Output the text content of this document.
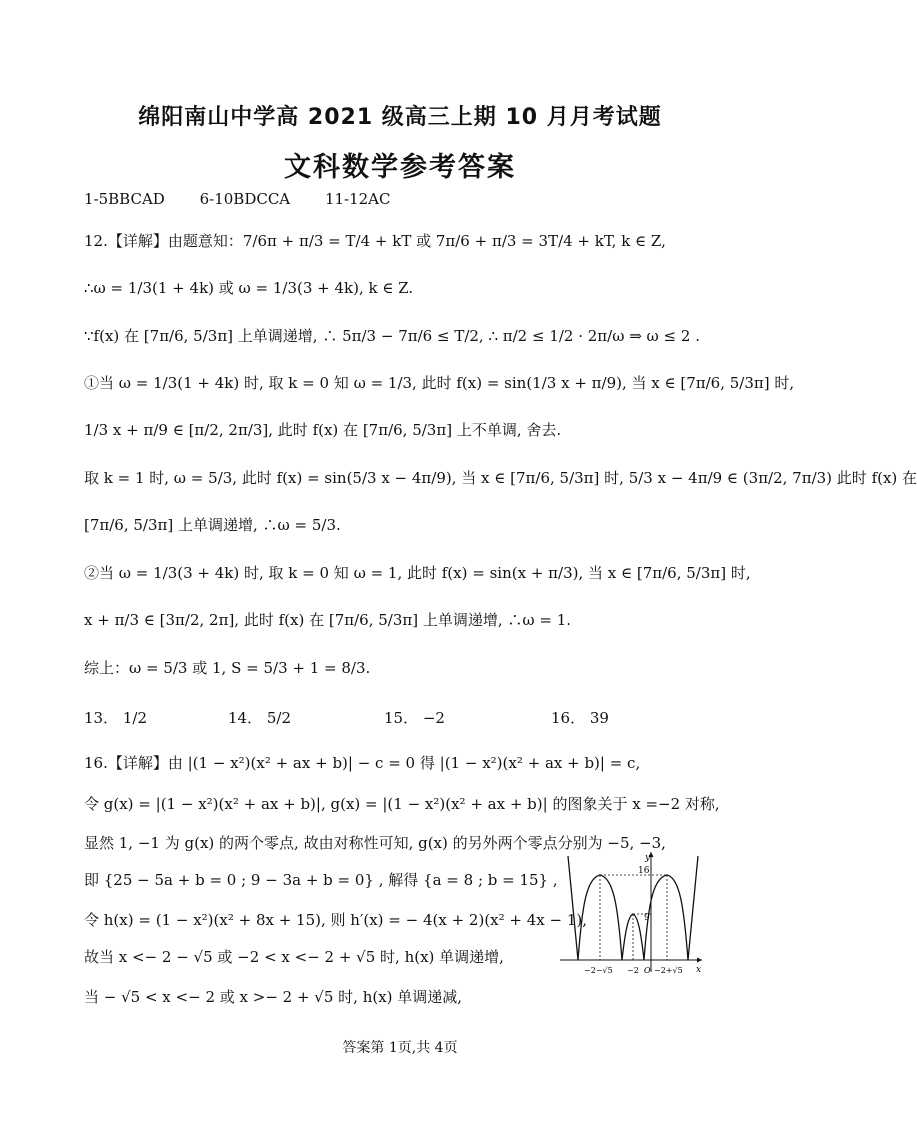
绵阳南山中学高 2021 级高三上期 10 月月考试题
文科数学参考答案
1-5BBCAD 6-10BDCCA 11-12AC
12.【详解】由题意知：7/6π + π/3 = T/4 + kT 或 7π/6 + π/3 = 3T/4 + kT, k ∈ Z,
∴ω = 1/3(1 + 4k) 或 ω = 1/3(3 + 4k), k ∈ Z.
∵f(x) 在 [7π/6, 5/3π] 上单调递增, ∴ 5π/3 − 7π/6 ≤ T/2, ∴ π/2 ≤ 1/2 · 2π/ω ⇒ ω ≤ 2 .
①当 ω = 1/3(1 + 4k) 时, 取 k = 0 知 ω = 1/3, 此时 f(x) = sin(1/3 x + π/9), 当 x ∈ [7π/6, 5/3π] 时,
1/3 x + π/9 ∈ [π/2, 2π/3], 此时 f(x) 在 [7π/6, 5/3π] 上不单调, 舍去.
取 k = 1 时, ω = 5/3, 此时 f(x) = sin(5/3 x − 4π/9), 当 x ∈ [7π/6, 5/3π] 时, 5/3 x − 4π/9 ∈ (3π/2, 7π/3) 此时 f(x) 在
[7π/6, 5/3π] 上单调递增, ∴ω = 5/3.
②当 ω = 1/3(3 + 4k) 时, 取 k = 0 知 ω = 1, 此时 f(x) = sin(x + π/3), 当 x ∈ [7π/6, 5/3π] 时,
x + π/3 ∈ [3π/2, 2π], 此时 f(x) 在 [7π/6, 5/3π] 上单调递增, ∴ω = 1.
综上：ω = 5/3 或 1, S = 5/3 + 1 = 8/3.
13． 1/2	14． 5/2	15． −2	16． 39
16.【详解】由 |(1 − x²)(x² + ax + b)| − c = 0 得 |(1 − x²)(x² + ax + b)| = c,
令 g(x) = |(1 − x²)(x² + ax + b)|, g(x) = |(1 − x²)(x² + ax + b)| 的图象关于 x =−2 对称,
显然 1, −1 为 g(x) 的两个零点, 故由对称性可知, g(x) 的另外两个零点分别为 −5, −3,
即 {25 − 5a + b = 0 ; 9 − 3a + b = 0} , 解得 {a = 8 ; b = 15} ,
令 h(x) = (1 − x²)(x² + 8x + 15), 则 h′(x) = − 4(x + 2)(x² + 4x − 1),
故当 x <− 2 − √5 或 −2 < x <− 2 + √5 时, h(x) 单调递增,
当 − √5 < x <− 2 或 x >− 2 + √5 时, h(x) 单调递减,
y
x
16
9
−2−√5 −2 O −2+√5
答案第 1页,共 4页
